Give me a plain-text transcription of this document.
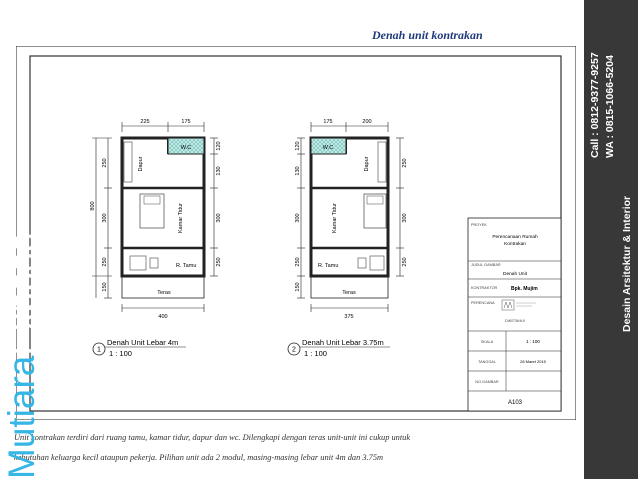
Denah unit kontrakan
225	175
800
250
300
250
150
120
130
300
250
W.C
Dapur
Kamar Tidur
R. Tamu
Teras
400
1
Denah Unit Lebar 4m
1 : 100
175	200
120
130
300
250
150
250
300
250
W.C
Dapur
Kamar Tidur
R. Tamu
Teras
375
2
Denah Unit Lebar 3.75m
1 : 100
PROYEK
Perencanaan Rumah
Kontrakan
JUDUL GAMBAR
Denah Unit
KONTRAKTOR	Bpk. Mujim
PERENCANA
DIKETAHUI
SKALA	1 : 100
TANGGAL	28 Maret 2015
NO.GAMBAR
A103
Unit kontrakan terdiri dari ruang tamu, kamar tidur, dapur dan wc. Dilengkapi dengan teras unit-unit ini cukup untuk
kebutuhan keluarga kecil ataupun pekerja. Pilihan unit ada 2 modul, masing-masing lebar unit 4m dan 3.75m
MutiaraExpose	Desain Arsitektur & Interior
Call : 0812-9377-9257 WA : 0815-1066-5204
